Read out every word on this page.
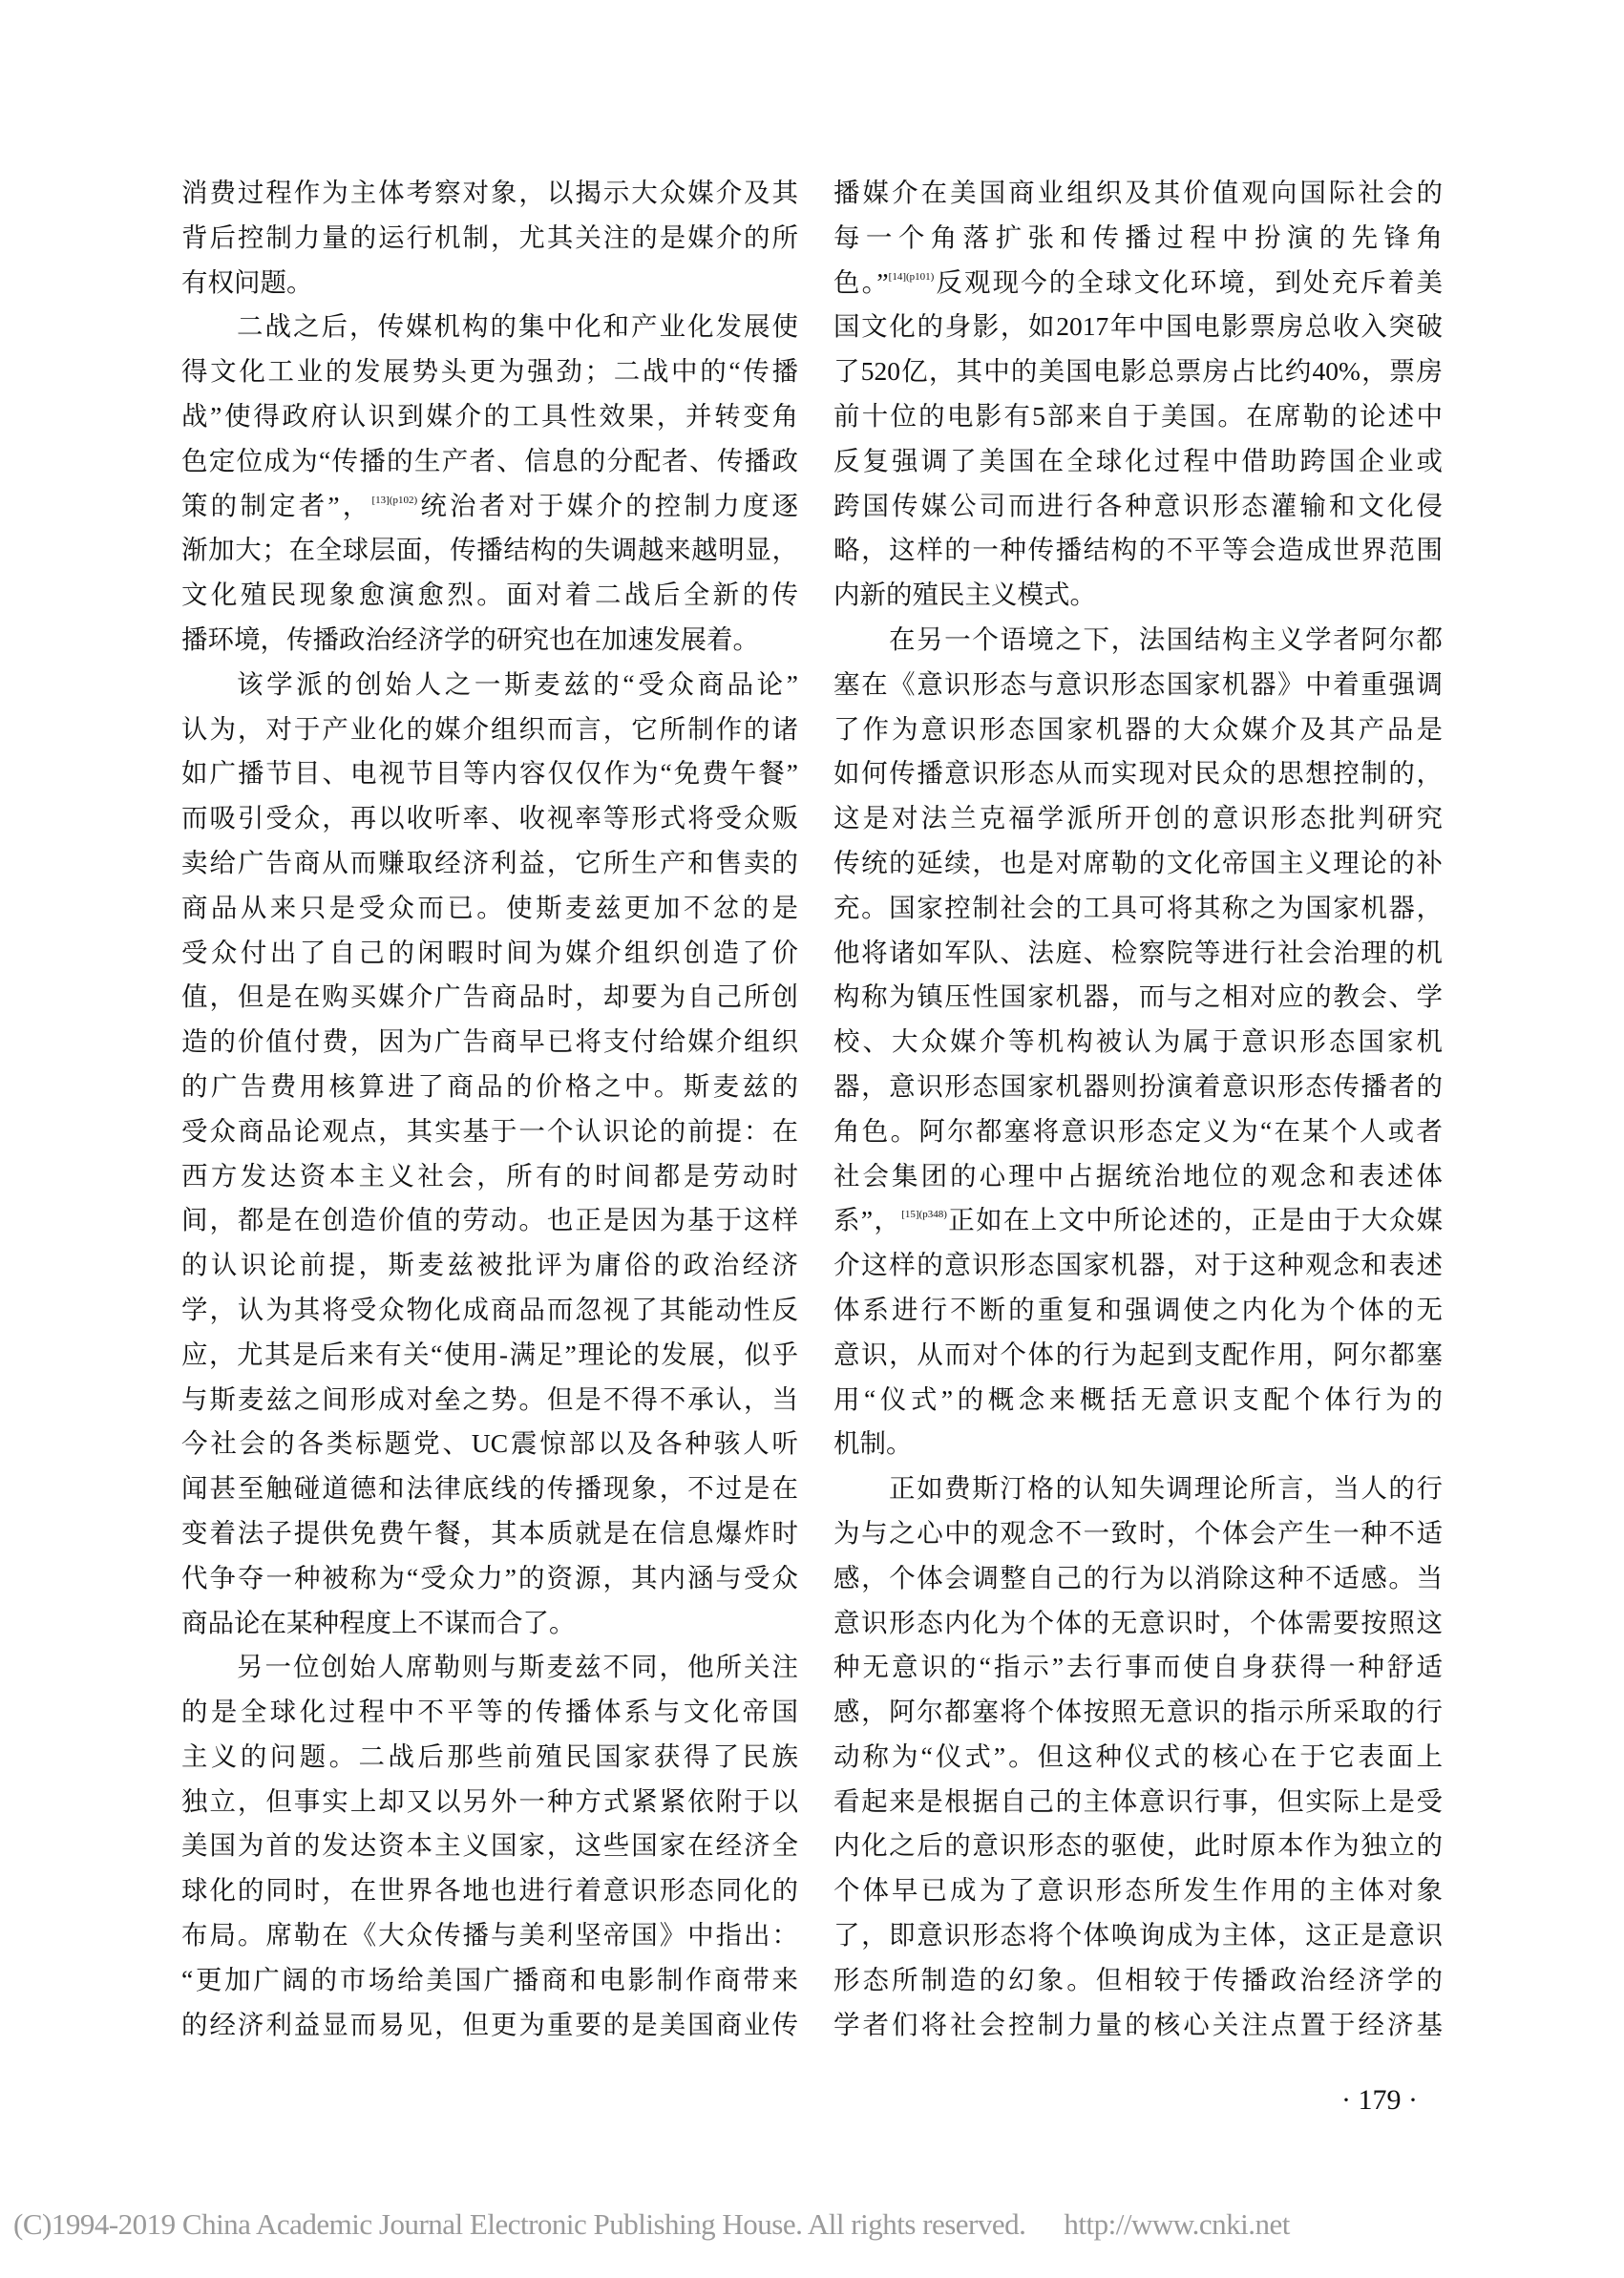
消费过程作为主体考察对象，以揭示大众媒介及其
背后控制力量的运行机制，尤其关注的是媒介的所
有权问题。
二战之后，传媒机构的集中化和产业化发展使
得文化工业的发展势头更为强劲；二战中的“传播
战”使得政府认识到媒介的工具性效果，并转变角
色定位成为“传播的生产者、信息的分配者、传播政
策的制定者”，$^{[13](p102)}$统治者对于媒介的控制力度逐
渐加大；在全球层面，传播结构的失调越来越明显，
文化殖民现象愈演愈烈。面对着二战后全新的传
播环境，传播政治经济学的研究也在加速发展着。
该学派的创始人之一斯麦兹的“受众商品论”
认为，对于产业化的媒介组织而言，它所制作的诸
如广播节目、电视节目等内容仅仅作为“免费午餐”
而吸引受众，再以收听率、收视率等形式将受众贩
卖给广告商从而赚取经济利益，它所生产和售卖的
商品从来只是受众而已。使斯麦兹更加不忿的是
受众付出了自己的闲暇时间为媒介组织创造了价
值，但是在购买媒介广告商品时，却要为自己所创
造的价值付费，因为广告商早已将支付给媒介组织
的广告费用核算进了商品的价格之中。斯麦兹的
受众商品论观点，其实基于一个认识论的前提：在
西方发达资本主义社会，所有的时间都是劳动时
间，都是在创造价值的劳动。也正是因为基于这样
的认识论前提，斯麦兹被批评为庸俗的政治经济
学，认为其将受众物化成商品而忽视了其能动性反
应，尤其是后来有关“使用-满足”理论的发展，似乎
与斯麦兹之间形成对垒之势。但是不得不承认，当
今社会的各类标题党、UC震惊部以及各种骇人听
闻甚至触碰道德和法律底线的传播现象，不过是在
变着法子提供免费午餐，其本质就是在信息爆炸时
代争夺一种被称为“受众力”的资源，其内涵与受众
商品论在某种程度上不谋而合了。
另一位创始人席勒则与斯麦兹不同，他所关注
的是全球化过程中不平等的传播体系与文化帝国
主义的问题。二战后那些前殖民国家获得了民族
独立，但事实上却又以另外一种方式紧紧依附于以
美国为首的发达资本主义国家，这些国家在经济全
球化的同时，在世界各地也进行着意识形态同化的
布局。席勒在《大众传播与美利坚帝国》中指出：
“更加广阔的市场给美国广播商和电影制作商带来
的经济利益显而易见，但更为重要的是美国商业传
播媒介在美国商业组织及其价值观向国际社会的
每一个角落扩张和传播过程中扮演的先锋角
色。”$^{[14](p101)}$反观现今的全球文化环境，到处充斥着美
国文化的身影，如2017年中国电影票房总收入突破
了520亿，其中的美国电影总票房占比约40%，票房
前十位的电影有5部来自于美国。在席勒的论述中
反复强调了美国在全球化过程中借助跨国企业或
跨国传媒公司而进行各种意识形态灌输和文化侵
略，这样的一种传播结构的不平等会造成世界范围
内新的殖民主义模式。
在另一个语境之下，法国结构主义学者阿尔都
塞在《意识形态与意识形态国家机器》中着重强调
了作为意识形态国家机器的大众媒介及其产品是
如何传播意识形态从而实现对民众的思想控制的，
这是对法兰克福学派所开创的意识形态批判研究
传统的延续，也是对席勒的文化帝国主义理论的补
充。国家控制社会的工具可将其称之为国家机器，
他将诸如军队、法庭、检察院等进行社会治理的机
构称为镇压性国家机器，而与之相对应的教会、学
校、大众媒介等机构被认为属于意识形态国家机
器，意识形态国家机器则扮演着意识形态传播者的
角色。阿尔都塞将意识形态定义为“在某个人或者
社会集团的心理中占据统治地位的观念和表述体
系”，$^{[15](p348)}$正如在上文中所论述的，正是由于大众媒
介这样的意识形态国家机器，对于这种观念和表述
体系进行不断的重复和强调使之内化为个体的无
意识，从而对个体的行为起到支配作用，阿尔都塞
用“仪式”的概念来概括无意识支配个体行为的
机制。
正如费斯汀格的认知失调理论所言，当人的行
为与之心中的观念不一致时，个体会产生一种不适
感，个体会调整自己的行为以消除这种不适感。当
意识形态内化为个体的无意识时，个体需要按照这
种无意识的“指示”去行事而使自身获得一种舒适
感，阿尔都塞将个体按照无意识的指示所采取的行
动称为“仪式”。但这种仪式的核心在于它表面上
看起来是根据自己的主体意识行事，但实际上是受
内化之后的意识形态的驱使，此时原本作为独立的
个体早已成为了意识形态所发生作用的主体对象
了，即意识形态将个体唤询成为主体，这正是意识
形态所制造的幻象。但相较于传播政治经济学的
学者们将社会控制力量的核心关注点置于经济基
· 179 ·
(C)1994-2019 China Academic Journal Electronic Publishing House. All rights reserved. http://www.cnki.net
